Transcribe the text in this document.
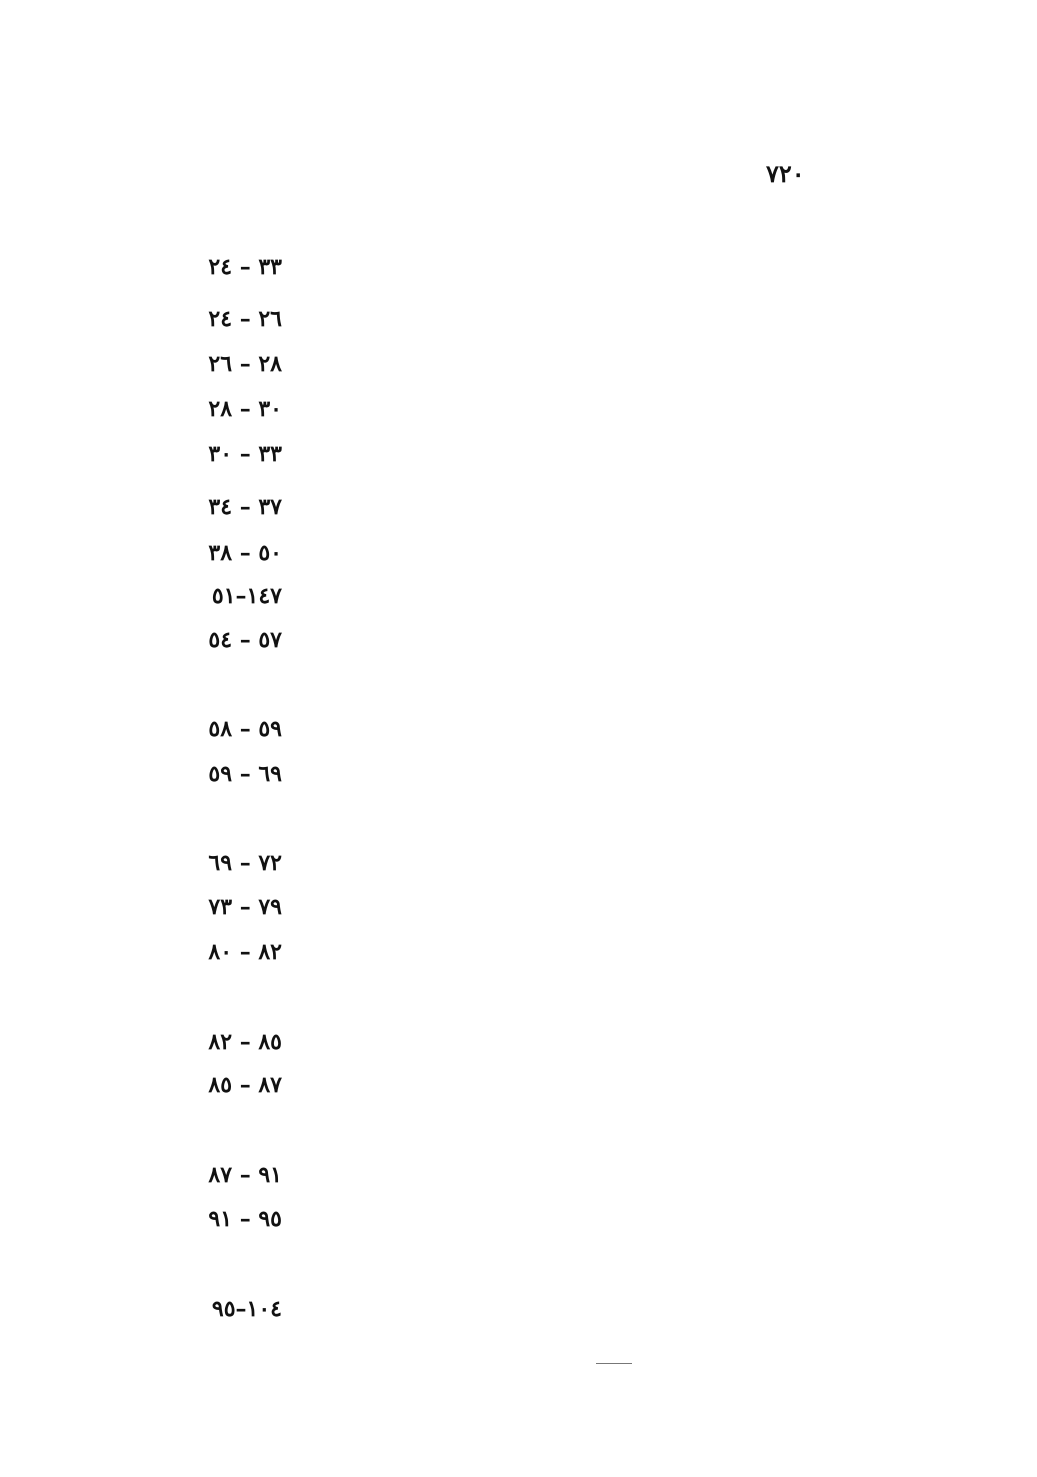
٧٢٠
٣٣ – ٢٤
٢٦ – ٢٤
٢٨ – ٢٦
٣٠ – ٢٨
٣٣ – ٣٠
٣٧ – ٣٤
٥٠ – ٣٨
١٤٧–٥١
٥٧ – ٥٤
٥٩ – ٥٨
٦٩ – ٥٩
٧٢ – ٦٩
٧٩ – ٧٣
٨٢ – ٨٠
٨٥ – ٨٢
٨٧ – ٨٥
٩١ – ٨٧
٩٥ – ٩١
١٠٤–٩٥
